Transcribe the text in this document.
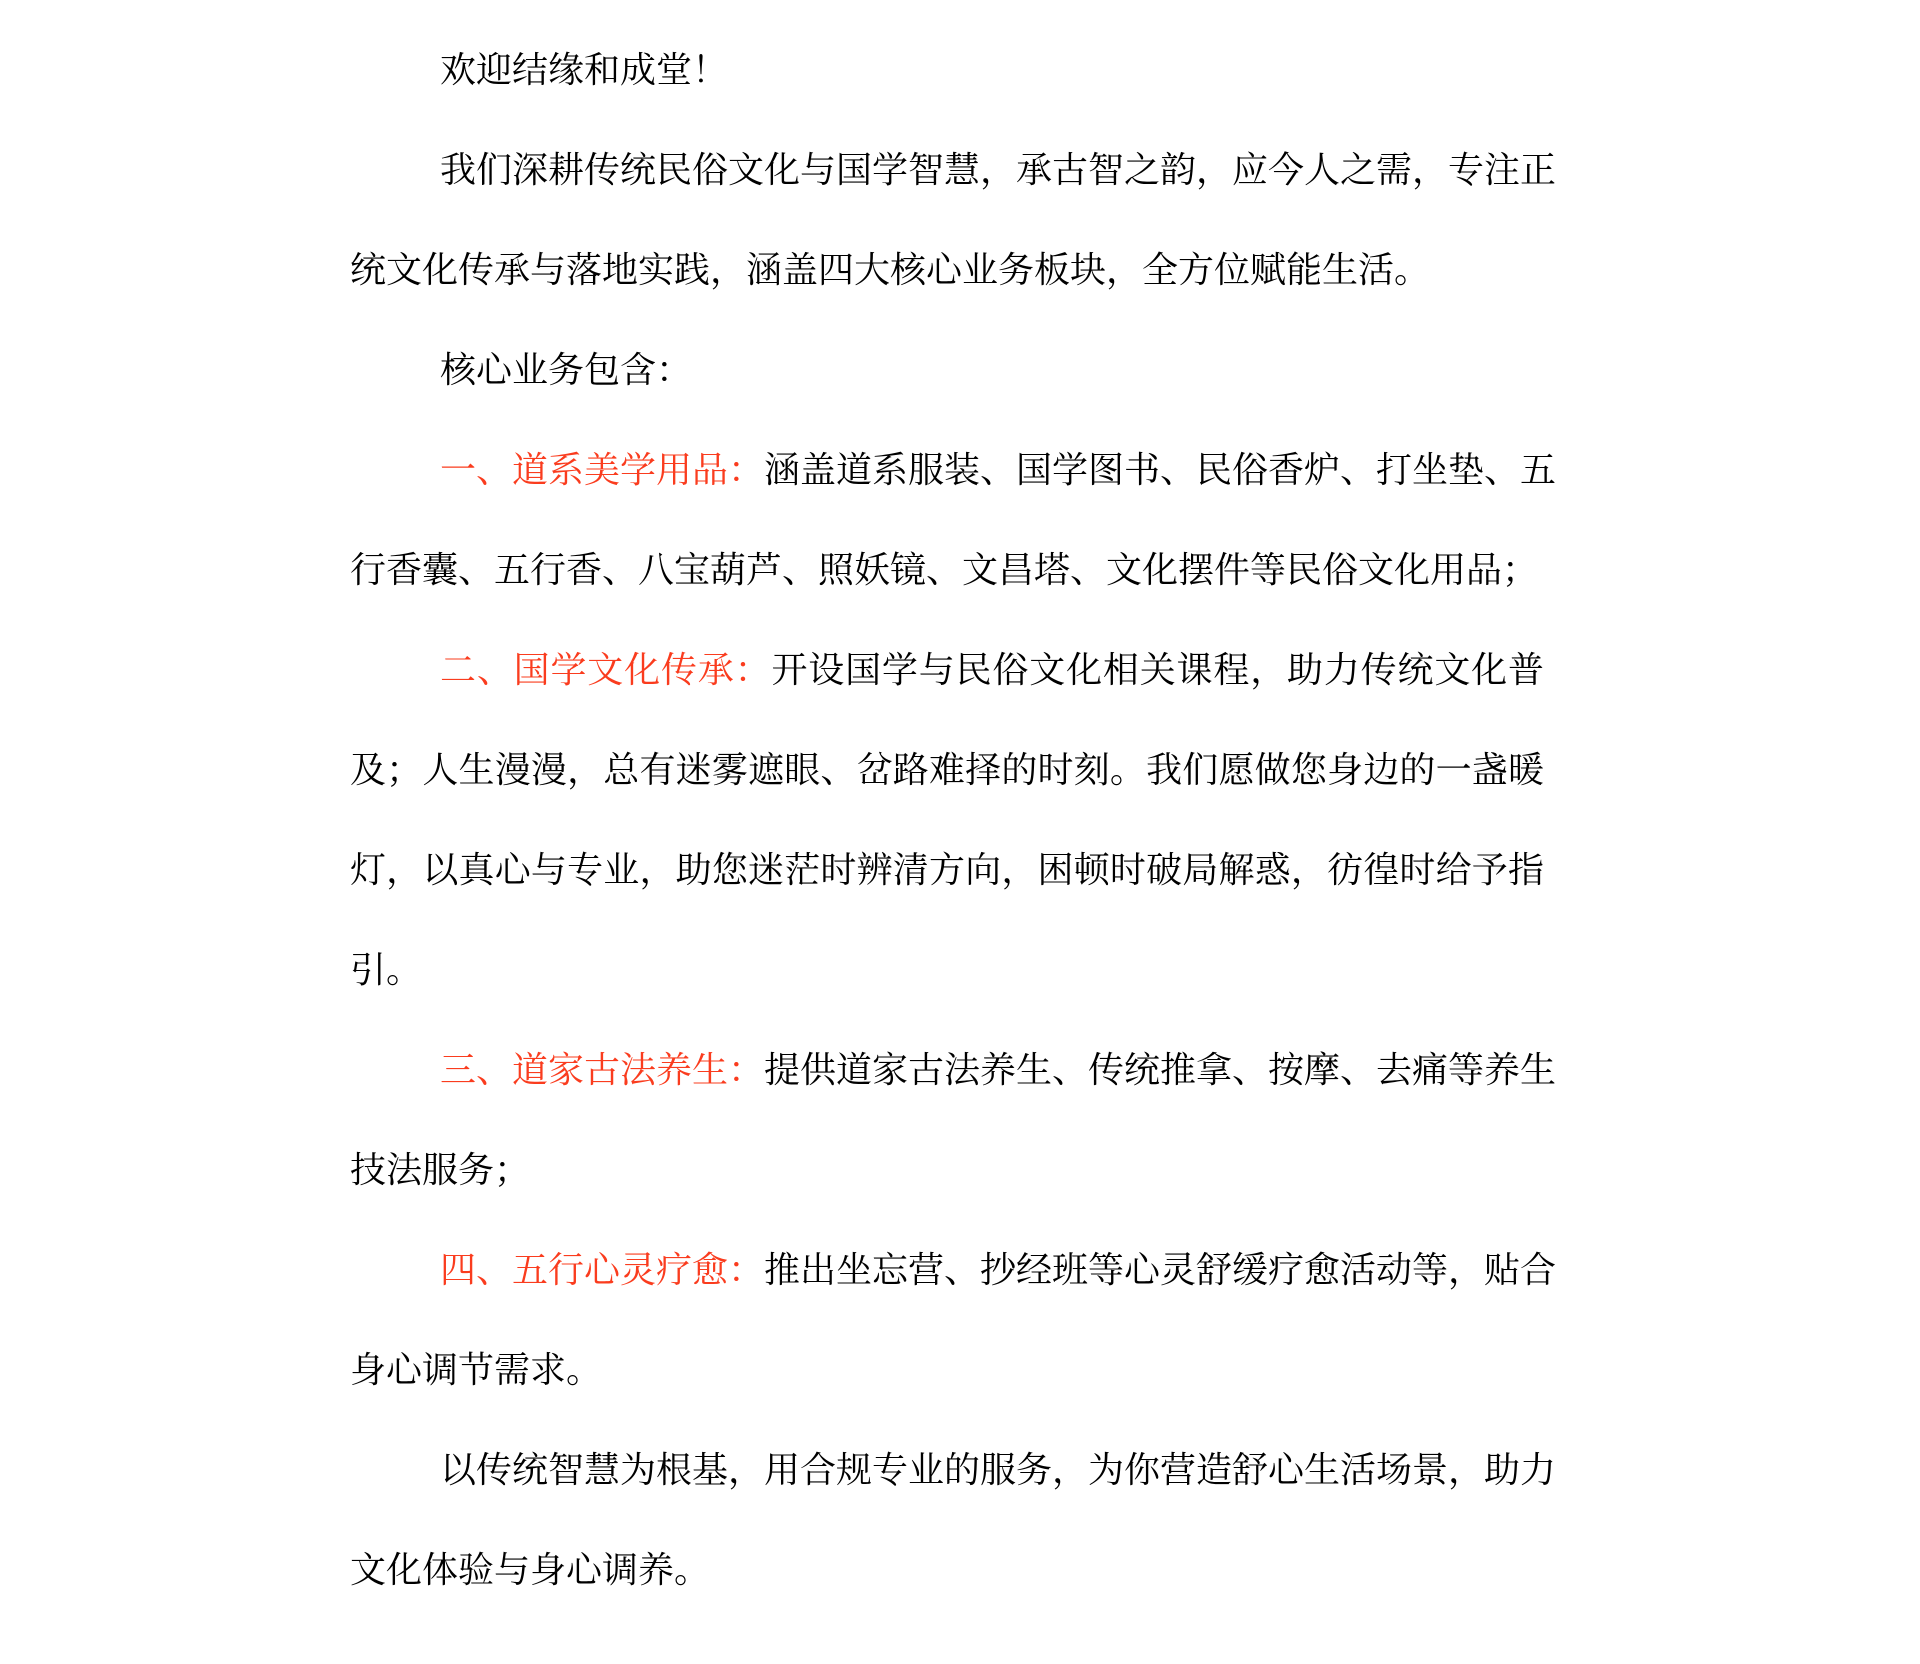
欢迎结缘和成堂！
我们深耕传统民俗文化与国学智慧，承古智之韵，应今人之需，专注正
统文化传承与落地实践，涵盖四大核心业务板块，全方位赋能生活。
核心业务包含：
一、道系美学用品：涵盖道系服装、国学图书、民俗香炉、打坐垫、五
行香囊、五行香、八宝葫芦、照妖镜、文昌塔、文化摆件等民俗文化用品；
二、国学文化传承：开设国学与民俗文化相关课程，助力传统文化普
及；人生漫漫，总有迷雾遮眼、岔路难择的时刻。我们愿做您身边的一盏暖
灯，以真心与专业，助您迷茫时辨清方向，困顿时破局解惑，彷徨时给予指
引。
三、道家古法养生：提供道家古法养生、传统推拿、按摩、去痛等养生
技法服务；
四、五行心灵疗愈：推出坐忘营、抄经班等心灵舒缓疗愈活动等，贴合
身心调节需求。
以传统智慧为根基，用合规专业的服务，为你营造舒心生活场景，助力
文化体验与身心调养。
